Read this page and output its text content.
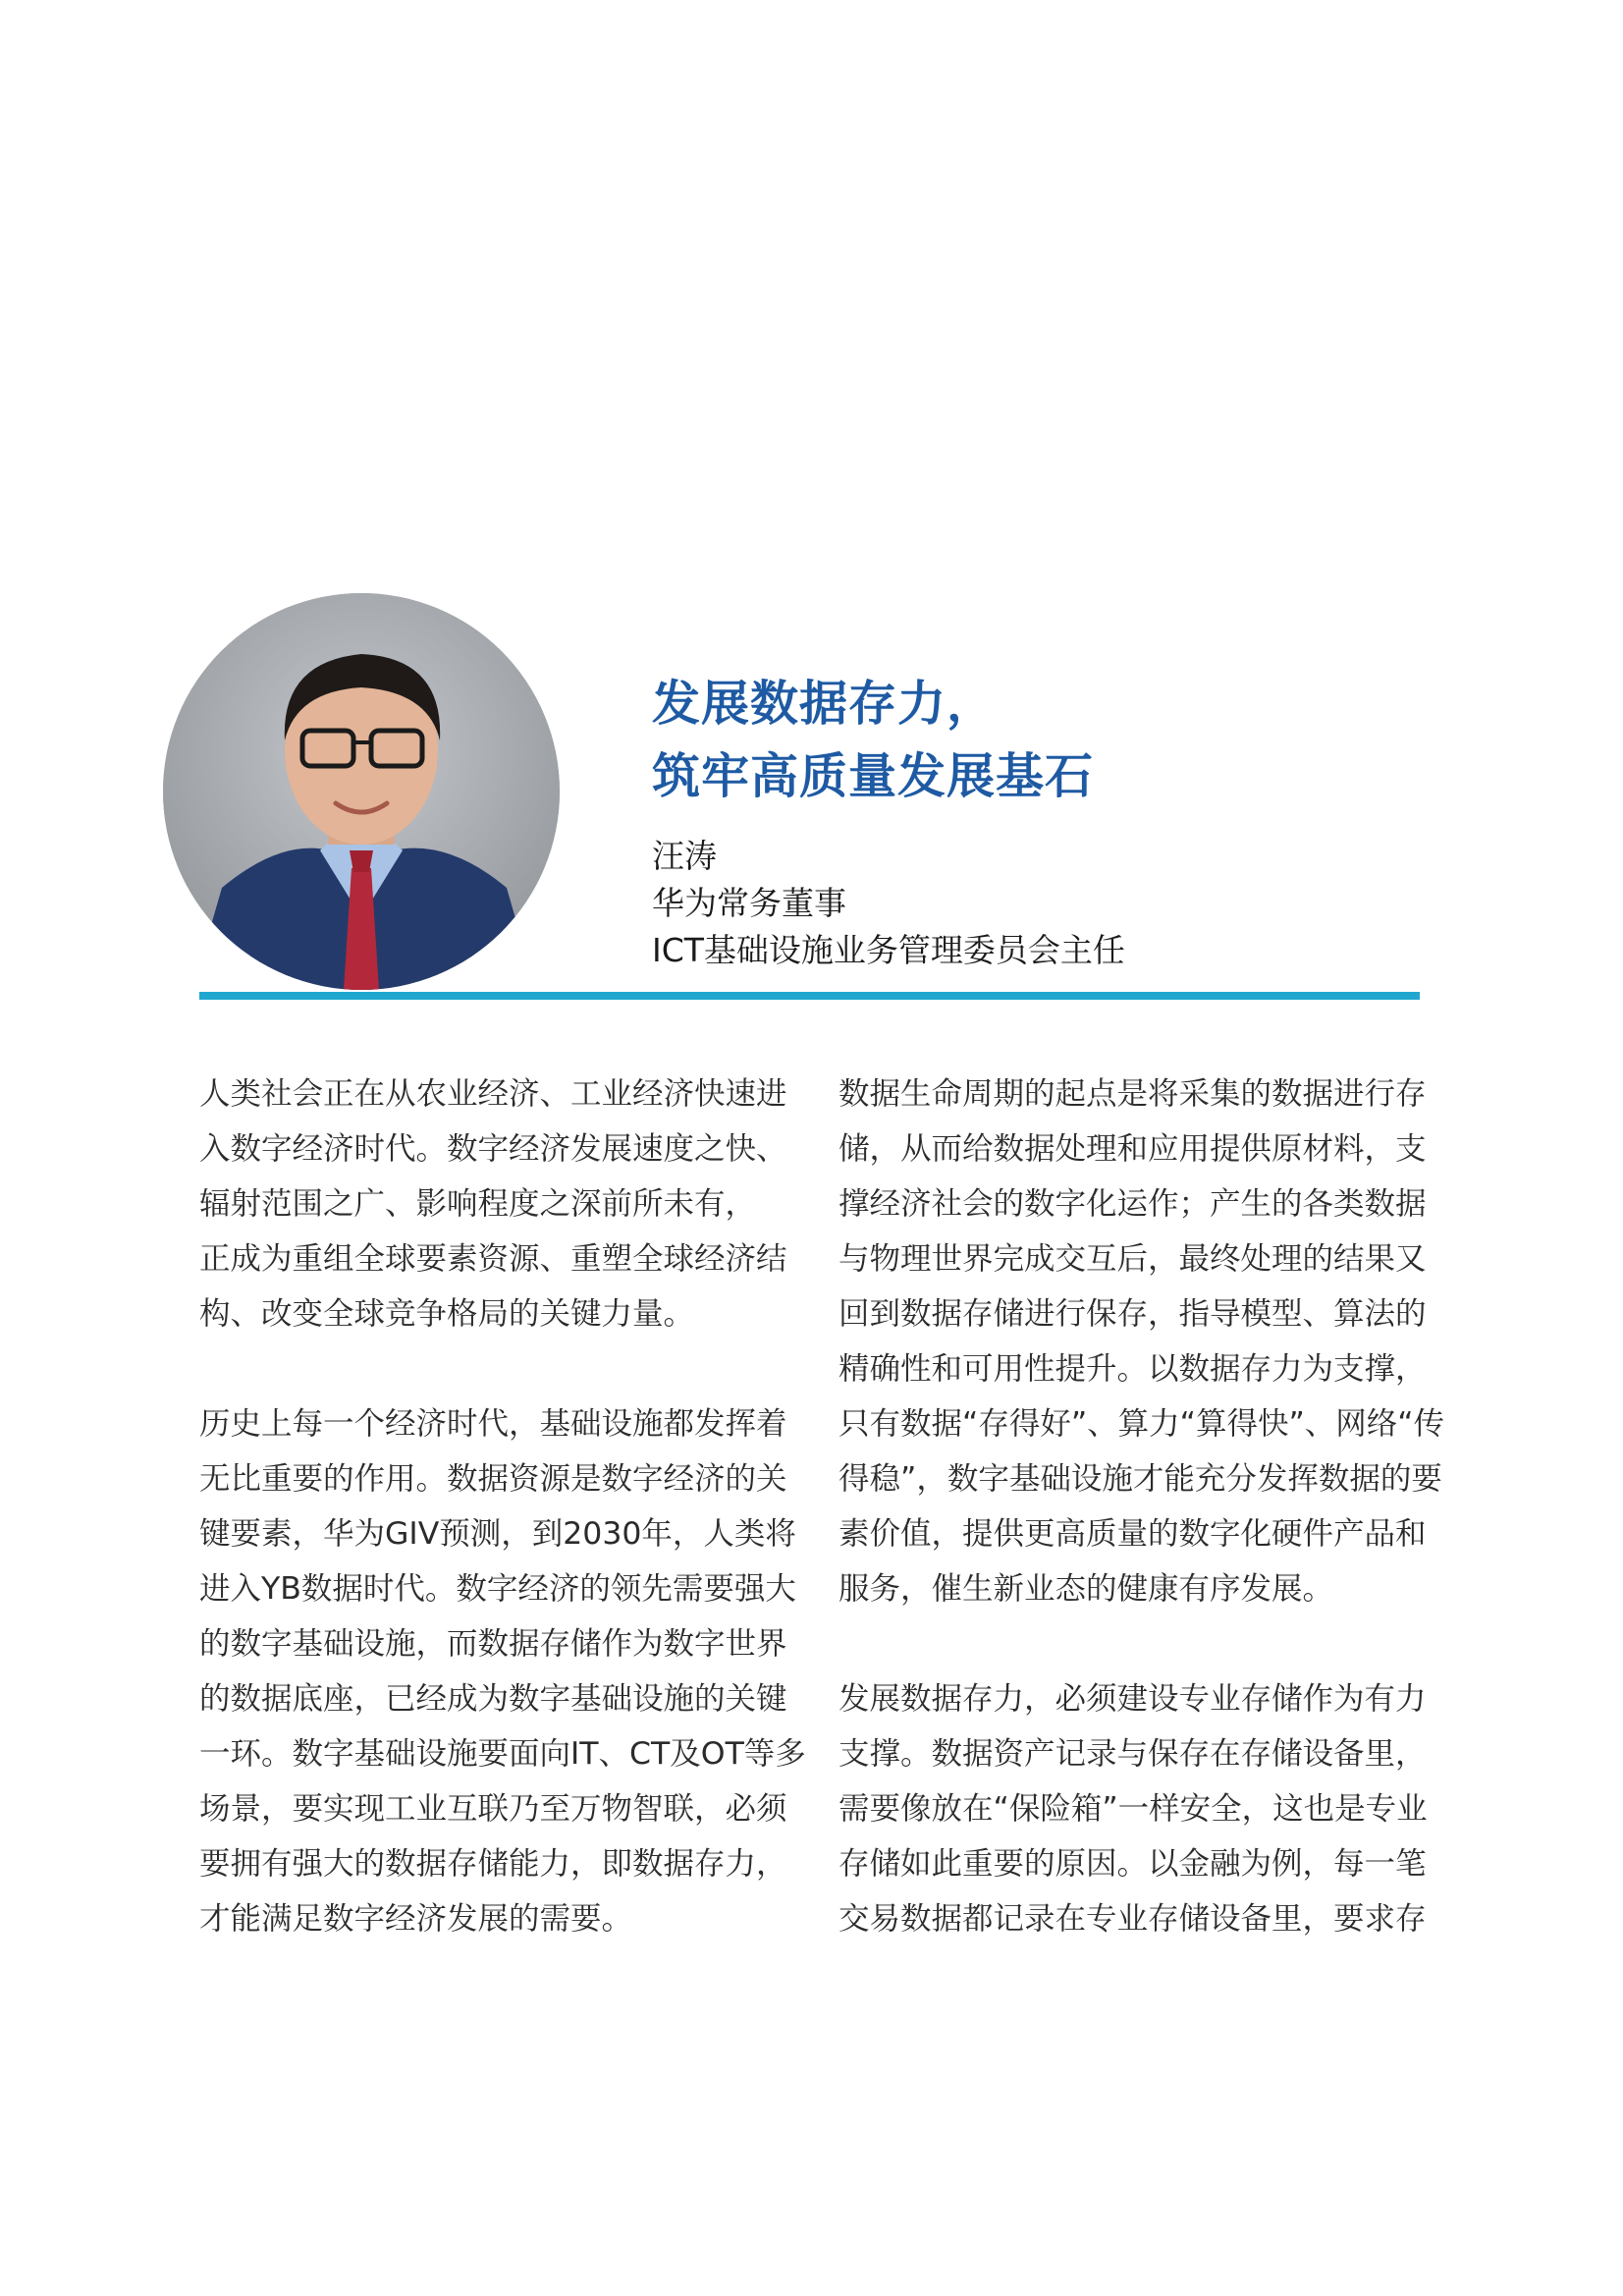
发展数据存力，
筑牢高质量发展基石
汪涛
华为常务董事
ICT基础设施业务管理委员会主任

人类社会正在从农业经济、工业经济快速进
入数字经济时代。数字经济发展速度之快、
辐射范围之广、影响程度之深前所未有，
正成为重组全球要素资源、重塑全球经济结
构、改变全球竞争格局的关键力量。

历史上每一个经济时代，基础设施都发挥着
无比重要的作用。数据资源是数字经济的关
键要素，华为GIV预测，到2030年，人类将
进入YB数据时代。数字经济的领先需要强大
的数字基础设施，而数据存储作为数字世界
的数据底座，已经成为数字基础设施的关键
一环。数字基础设施要面向IT、CT及OT等多
场景，要实现工业互联乃至万物智联，必须
要拥有强大的数据存储能力，即数据存力，
才能满足数字经济发展的需要。

数据生命周期的起点是将采集的数据进行存
储，从而给数据处理和应用提供原材料，支
撑经济社会的数字化运作；产生的各类数据
与物理世界完成交互后，最终处理的结果又
回到数据存储进行保存，指导模型、算法的
精确性和可用性提升。以数据存力为支撑，
只有数据“存得好”、算力“算得快”、网络“传
得稳”，数字基础设施才能充分发挥数据的要
素价值，提供更高质量的数字化硬件产品和
服务，催生新业态的健康有序发展。

发展数据存力，必须建设专业存储作为有力
支撑。数据资产记录与保存在存储设备里，
需要像放在“保险箱”一样安全，这也是专业
存储如此重要的原因。以金融为例，每一笔
交易数据都记录在专业存储设备里，要求存
